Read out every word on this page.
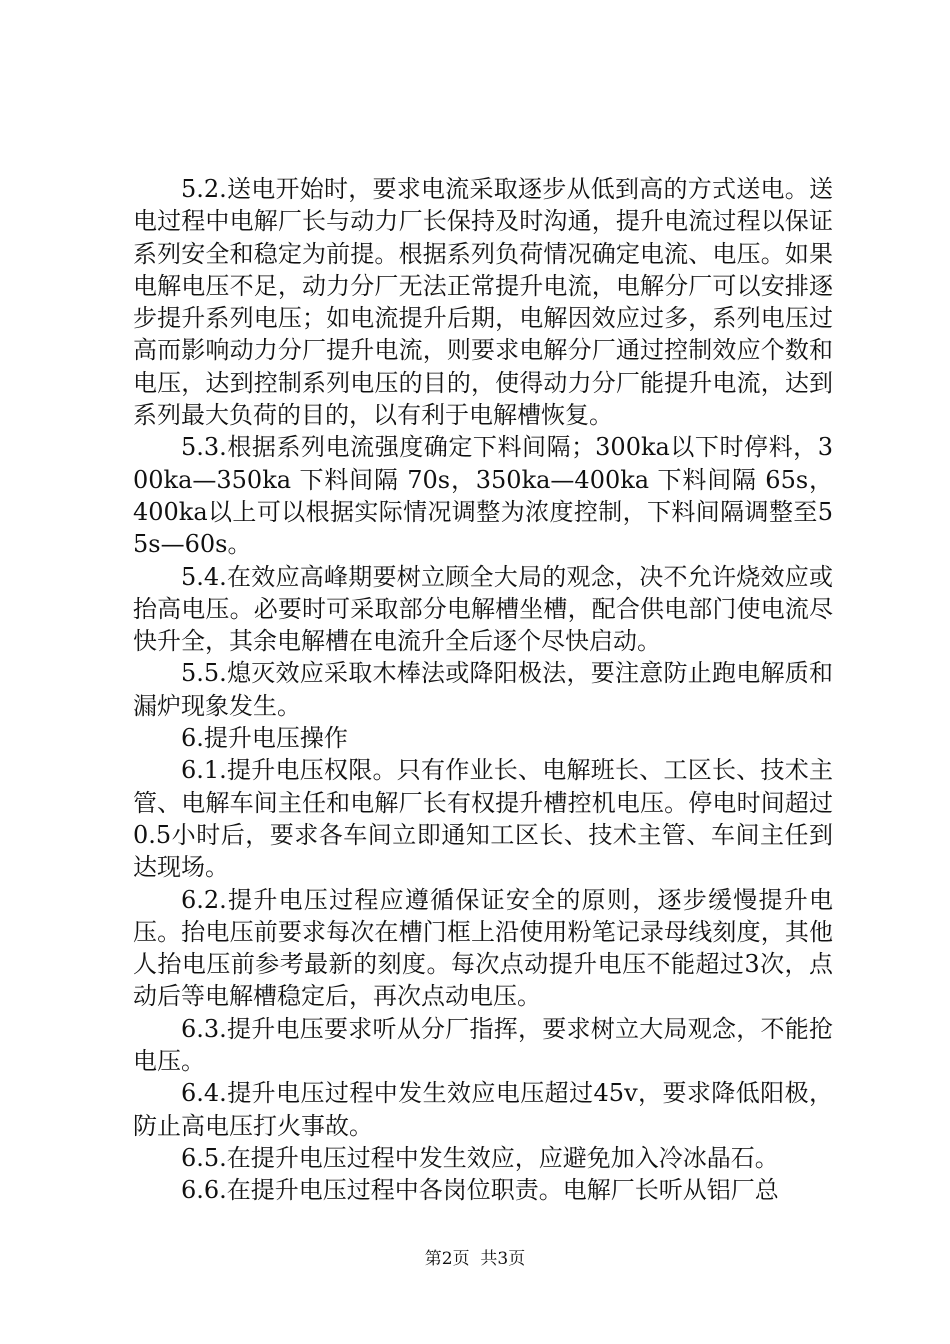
5.2.送电开始时，要求电流采取逐步从低到高的方式送电。送电过程中电解厂长与动力厂长保持及时沟通，提升电流过程以保证系列安全和稳定为前提。根据系列负荷情况确定电流、电压。如果电解电压不足，动力分厂无法正常提升电流，电解分厂可以安排逐步提升系列电压；如电流提升后期，电解因效应过多，系列电压过高而影响动力分厂提升电流，则要求电解分厂通过控制效应个数和电压，达到控制系列电压的目的，使得动力分厂能提升电流，达到系列最大负荷的目的，以有利于电解槽恢复。

5.3.根据系列电流强度确定下料间隔；300ka以下时停料，300ka—350ka 下料间隔 70s，350ka—400ka 下料间隔 65s，400ka以上可以根据实际情况调整为浓度控制，下料间隔调整至55s—60s。

5.4.在效应高峰期要树立顾全大局的观念，决不允许烧效应或抬高电压。必要时可采取部分电解槽坐槽，配合供电部门使电流尽快升全，其余电解槽在电流升全后逐个尽快启动。

5.5.熄灭效应采取木棒法或降阳极法，要注意防止跑电解质和漏炉现象发生。

6.提升电压操作

6.1.提升电压权限。只有作业长、电解班长、工区长、技术主管、电解车间主任和电解厂长有权提升槽控机电压。停电时间超过0.5小时后，要求各车间立即通知工区长、技术主管、车间主任到达现场。

6.2.提升电压过程应遵循保证安全的原则，逐步缓慢提升电压。抬电压前要求每次在槽门框上沿使用粉笔记录母线刻度，其他人抬电压前参考最新的刻度。每次点动提升电压不能超过3次，点动后等电解槽稳定后，再次点动电压。

6.3.提升电压要求听从分厂指挥，要求树立大局观念，不能抢电压。

6.4.提升电压过程中发生效应电压超过45v，要求降低阳极，防止高电压打火事故。

6.5.在提升电压过程中发生效应，应避免加入冷冰晶石。

6.6.在提升电压过程中各岗位职责。电解厂长听从铝厂总

第2页  共3页
